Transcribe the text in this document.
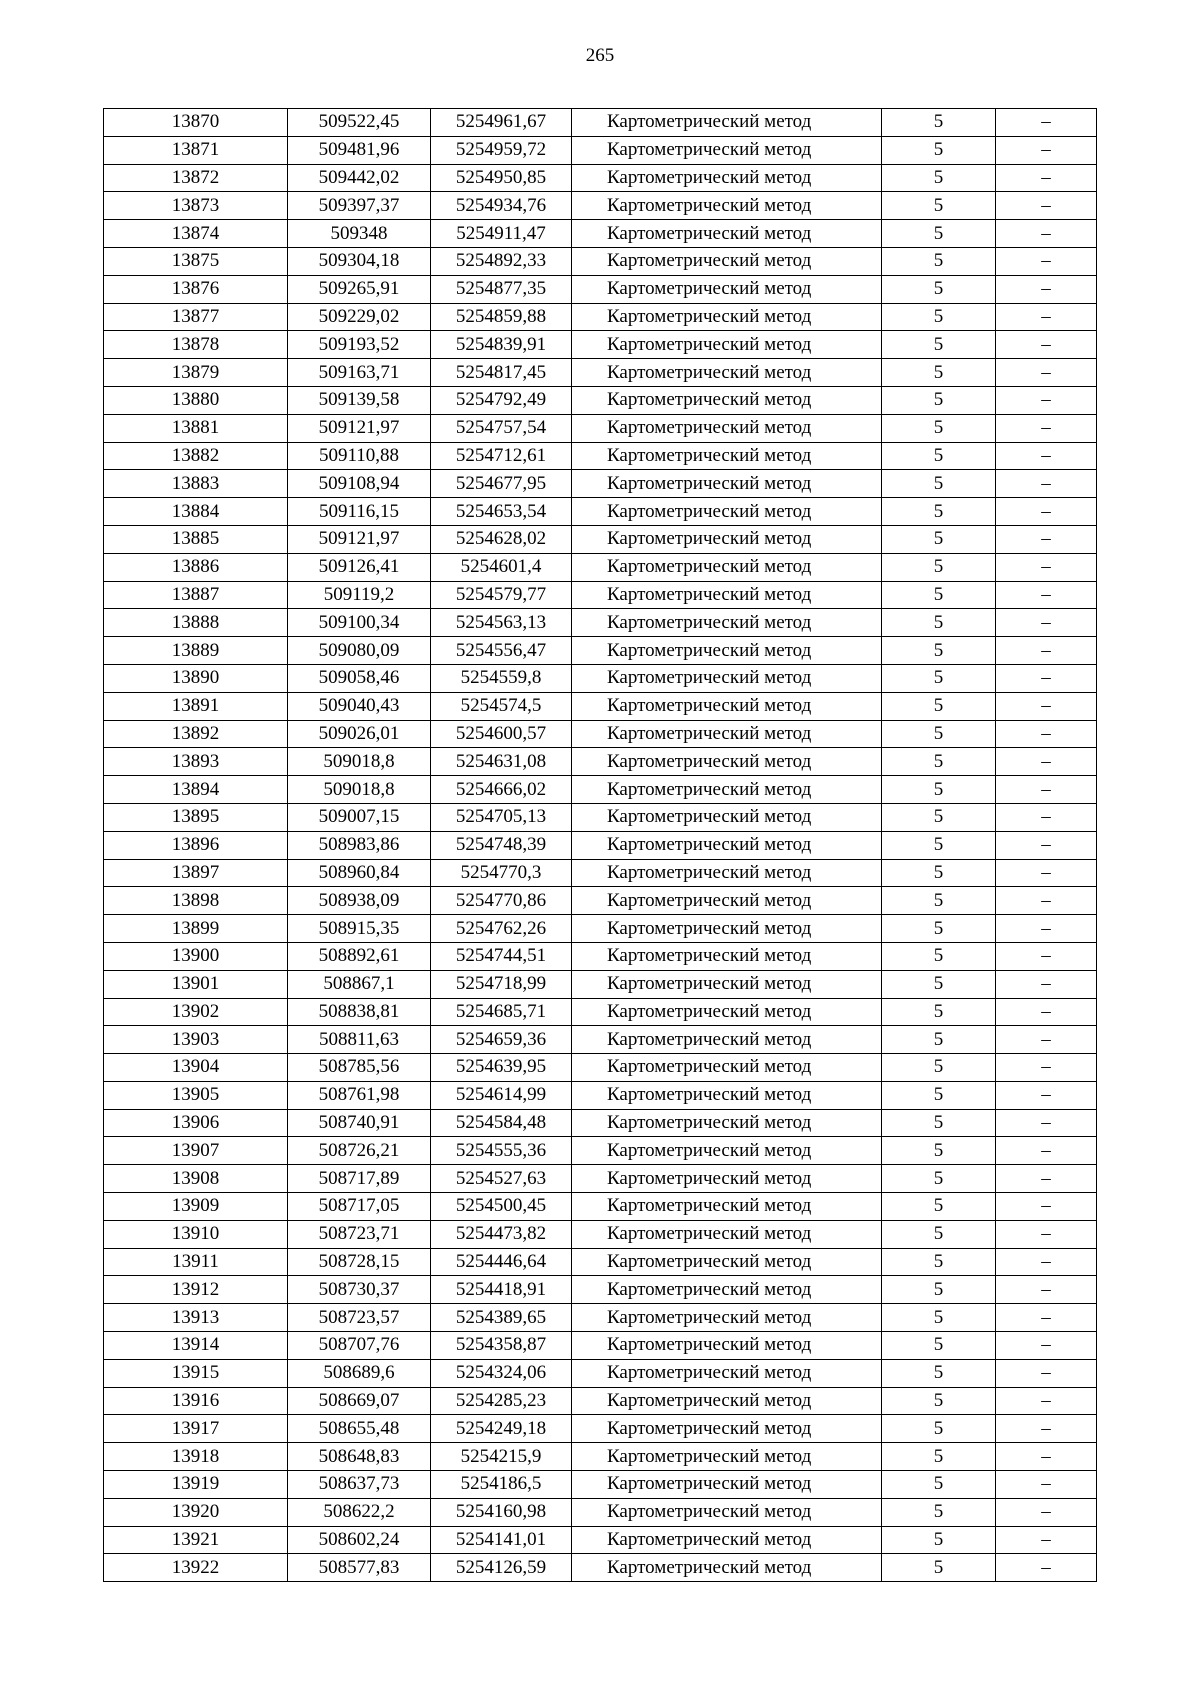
265
13870	509522,45	5254961,67	Картометрический метод	5	–
13871	509481,96	5254959,72	Картометрический метод	5	–
13872	509442,02	5254950,85	Картометрический метод	5	–
13873	509397,37	5254934,76	Картометрический метод	5	–
13874	509348	5254911,47	Картометрический метод	5	–
13875	509304,18	5254892,33	Картометрический метод	5	–
13876	509265,91	5254877,35	Картометрический метод	5	–
13877	509229,02	5254859,88	Картометрический метод	5	–
13878	509193,52	5254839,91	Картометрический метод	5	–
13879	509163,71	5254817,45	Картометрический метод	5	–
13880	509139,58	5254792,49	Картометрический метод	5	–
13881	509121,97	5254757,54	Картометрический метод	5	–
13882	509110,88	5254712,61	Картометрический метод	5	–
13883	509108,94	5254677,95	Картометрический метод	5	–
13884	509116,15	5254653,54	Картометрический метод	5	–
13885	509121,97	5254628,02	Картометрический метод	5	–
13886	509126,41	5254601,4	Картометрический метод	5	–
13887	509119,2	5254579,77	Картометрический метод	5	–
13888	509100,34	5254563,13	Картометрический метод	5	–
13889	509080,09	5254556,47	Картометрический метод	5	–
13890	509058,46	5254559,8	Картометрический метод	5	–
13891	509040,43	5254574,5	Картометрический метод	5	–
13892	509026,01	5254600,57	Картометрический метод	5	–
13893	509018,8	5254631,08	Картометрический метод	5	–
13894	509018,8	5254666,02	Картометрический метод	5	–
13895	509007,15	5254705,13	Картометрический метод	5	–
13896	508983,86	5254748,39	Картометрический метод	5	–
13897	508960,84	5254770,3	Картометрический метод	5	–
13898	508938,09	5254770,86	Картометрический метод	5	–
13899	508915,35	5254762,26	Картометрический метод	5	–
13900	508892,61	5254744,51	Картометрический метод	5	–
13901	508867,1	5254718,99	Картометрический метод	5	–
13902	508838,81	5254685,71	Картометрический метод	5	–
13903	508811,63	5254659,36	Картометрический метод	5	–
13904	508785,56	5254639,95	Картометрический метод	5	–
13905	508761,98	5254614,99	Картометрический метод	5	–
13906	508740,91	5254584,48	Картометрический метод	5	–
13907	508726,21	5254555,36	Картометрический метод	5	–
13908	508717,89	5254527,63	Картометрический метод	5	–
13909	508717,05	5254500,45	Картометрический метод	5	–
13910	508723,71	5254473,82	Картометрический метод	5	–
13911	508728,15	5254446,64	Картометрический метод	5	–
13912	508730,37	5254418,91	Картометрический метод	5	–
13913	508723,57	5254389,65	Картометрический метод	5	–
13914	508707,76	5254358,87	Картометрический метод	5	–
13915	508689,6	5254324,06	Картометрический метод	5	–
13916	508669,07	5254285,23	Картометрический метод	5	–
13917	508655,48	5254249,18	Картометрический метод	5	–
13918	508648,83	5254215,9	Картометрический метод	5	–
13919	508637,73	5254186,5	Картометрический метод	5	–
13920	508622,2	5254160,98	Картометрический метод	5	–
13921	508602,24	5254141,01	Картометрический метод	5	–
13922	508577,83	5254126,59	Картометрический метод	5	–
